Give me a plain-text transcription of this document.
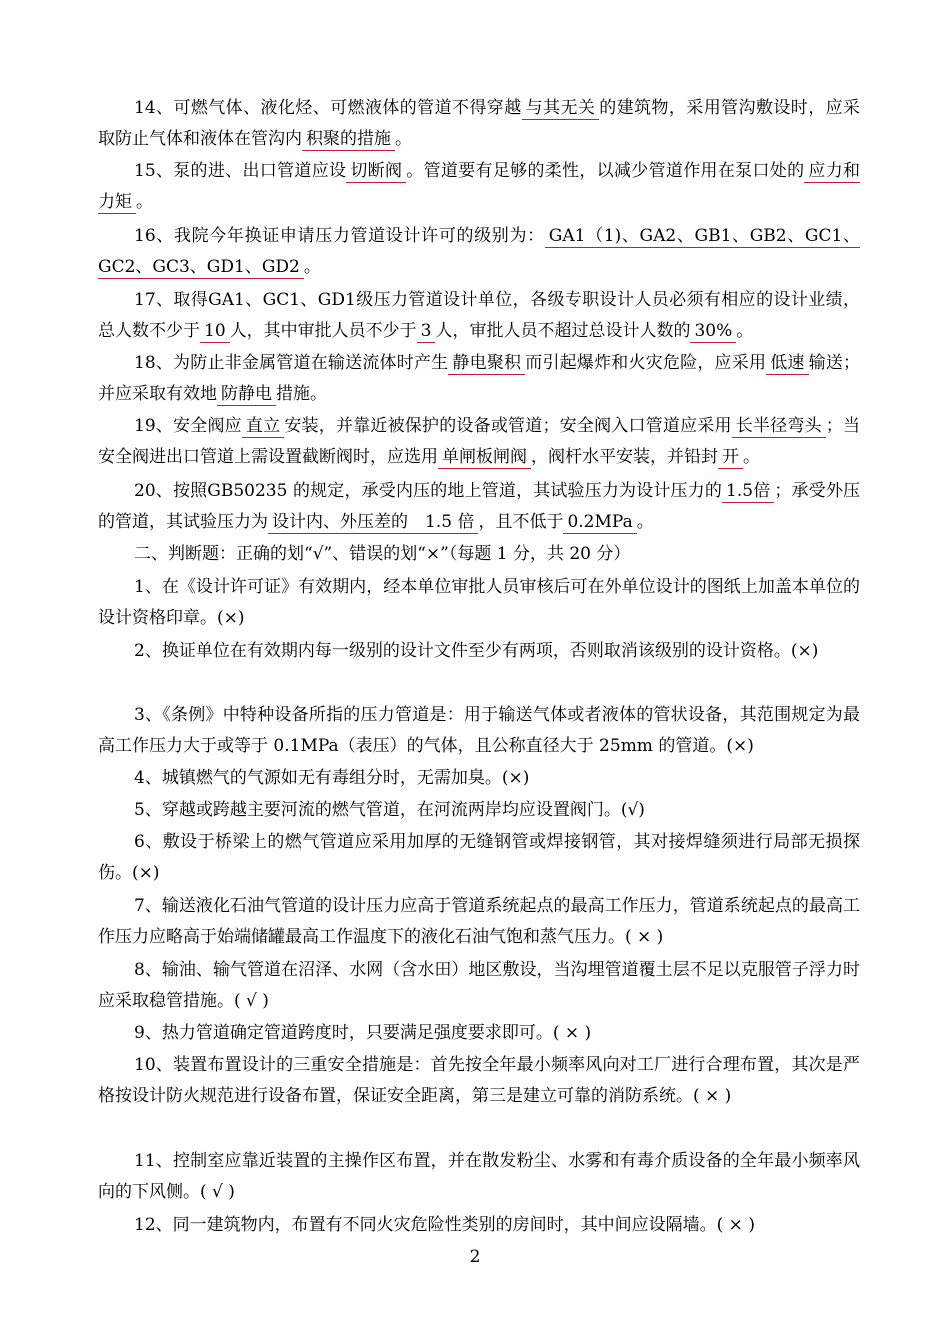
14、可燃气体、液化烃、可燃液体的管道不得穿越 与其无关 的建筑物，采用管沟敷设时，应采取防止气体和液体在管沟内 积聚的措施 。
15、泵的进、出口管道应设 切断阀 。管道要有足够的柔性，以减少管道作用在泵口处的 应力和力矩 。
16、我院今年换证申请压力管道设计许可的级别为： GA1（1)、GA2、GB1、GB2、GC1、GC2、GC3、GD1、GD2 。
17、取得GA1、GC1、GD1级压力管道设计单位，各级专职设计人员必须有相应的设计业绩，总人数不少于 10 人，其中审批人员不少于 3 人，审批人员不超过总设计人数的 30% 。
18、为防止非金属管道在输送流体时产生 静电聚积 而引起爆炸和火灾危险，应采用 低速 输送；并应采取有效地 防静电 措施。
19、安全阀应 直立 安装，并靠近被保护的设备或管道；安全阀入口管道应采用 长半径弯头 ；当安全阀进出口管道上需设置截断阀时，应选用 单闸板闸阀 ，阀杆水平安装，并铅封 开 。
20、按照GB50235 的规定，承受内压的地上管道，其试验压力为设计压力的 1.5倍 ；承受外压的管道，其试验压力为 设计内、外压差的　1.5 倍 ，且不低于 0.2MPa 。
二、判断题：正确的划“√”、错误的划“×”（每题 1 分，共 20 分）
1、在《设计许可证》有效期内，经本单位审批人员审核后可在外单位设计的图纸上加盖本单位的设计资格印章。(×)
2、换证单位在有效期内每一级别的设计文件至少有两项，否则取消该级别的设计资格。(×)
3、《条例》中特种设备所指的压力管道是：用于输送气体或者液体的管状设备，其范围规定为最高工作压力大于或等于 0.1MPa（表压）的气体，且公称直径大于 25mm 的管道。(×)
4、城镇燃气的气源如无有毒组分时，无需加臭。(×)
5、穿越或跨越主要河流的燃气管道，在河流两岸均应设置阀门。(√)
6、敷设于桥梁上的燃气管道应采用加厚的无缝钢管或焊接钢管，其对接焊缝须进行局部无损探伤。(×)
7、输送液化石油气管道的设计压力应高于管道系统起点的最高工作压力，管道系统起点的最高工作压力应略高于始端储罐最高工作温度下的液化石油气饱和蒸气压力。( × )
8、输油、输气管道在沼泽、水网（含水田）地区敷设，当沟埋管道覆土层不足以克服管子浮力时应采取稳管措施。( √ )
9、热力管道确定管道跨度时，只要满足强度要求即可。( × )
10、装置布置设计的三重安全措施是：首先按全年最小频率风向对工厂进行合理布置，其次是严格按设计防火规范进行设备布置，保证安全距离，第三是建立可靠的消防系统。( × )
11、控制室应靠近装置的主操作区布置，并在散发粉尘、水雾和有毒介质设备的全年最小频率风向的下风侧。( √ )
12、同一建筑物内，布置有不同火灾危险性类别的房间时，其中间应设隔墙。( × )
2
